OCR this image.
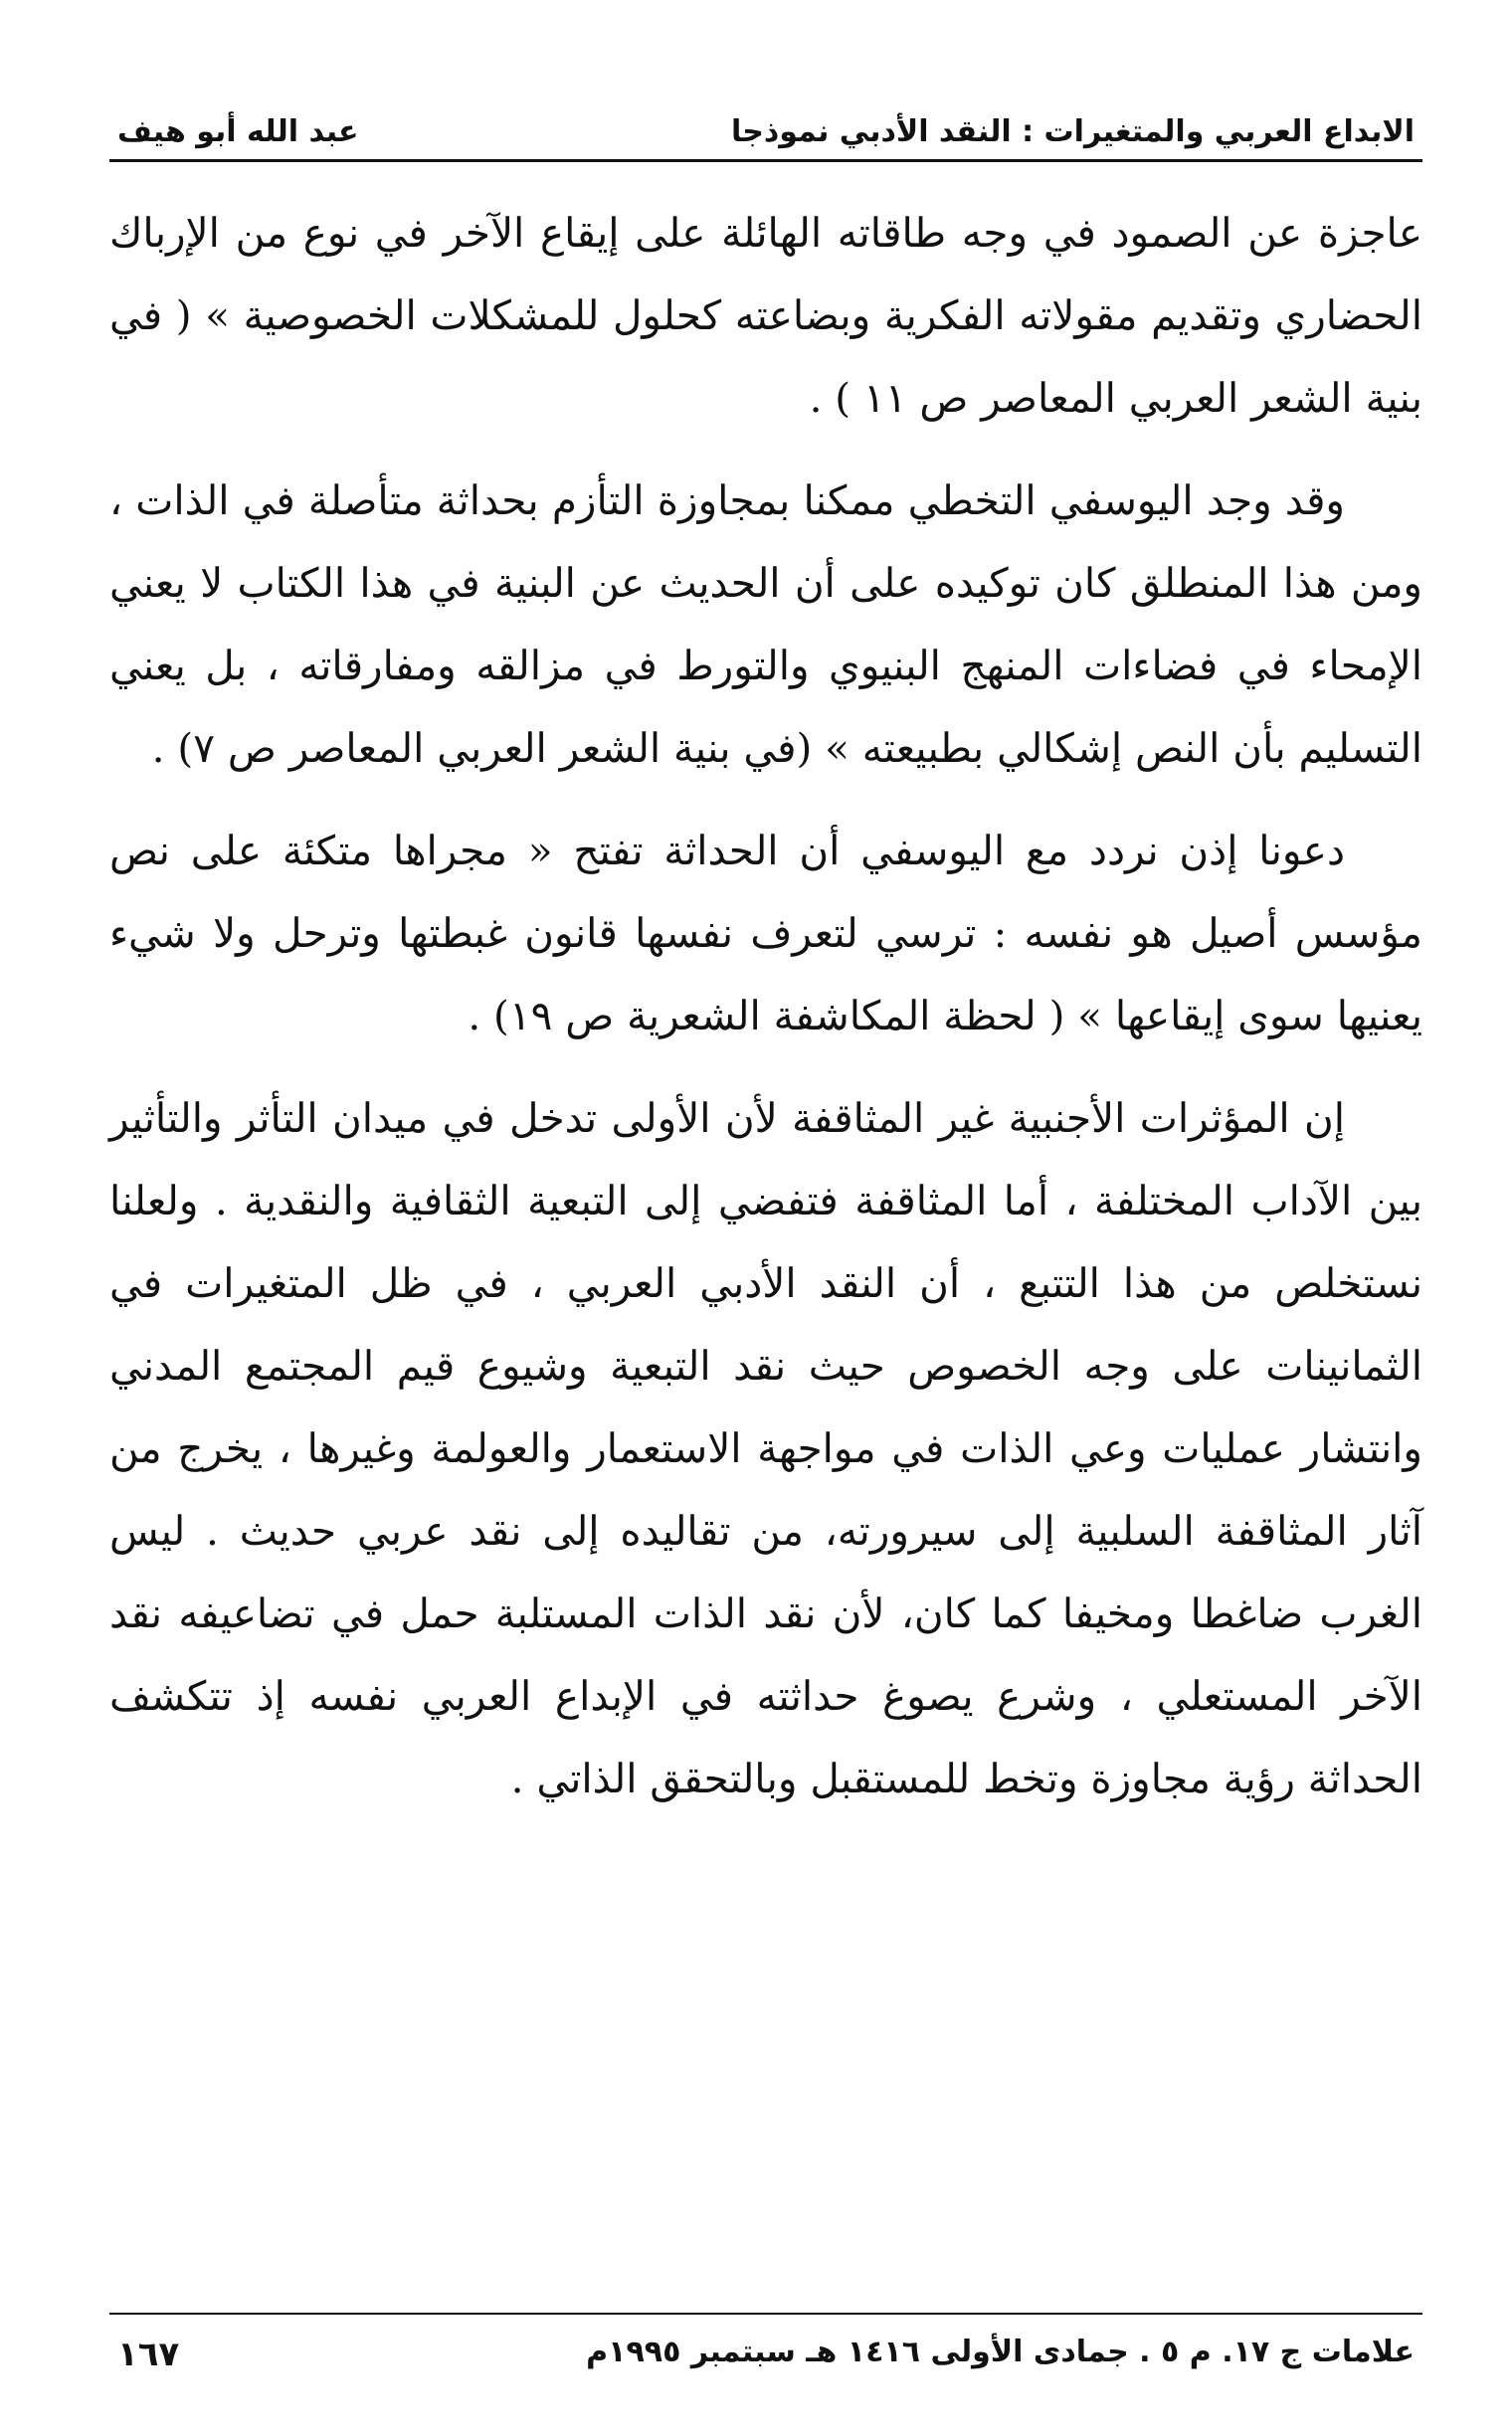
الابداع العربي والمتغيرات : النقد الأدبي نموذجا
عبد الله أبو هيف

عاجزة عن الصمود في وجه طاقاته الهائلة على إيقاع الآخر في نوع من الإرباك الحضاري وتقديم مقولاته الفكرية وبضاعته كحلول للمشكلات الخصوصية » ( في بنية الشعر العربي المعاصر ص ١١ ) .

وقد وجد اليوسفي التخطي ممكنا بمجاوزة التأزم بحداثة متأصلة في الذات ، ومن هذا المنطلق كان توكيده على أن الحديث عن البنية في هذا الكتاب لا يعني الإمحاء في فضاءات المنهج البنيوي والتورط في مزالقه ومفارقاته ، بل يعني التسليم بأن النص إشكالي بطبيعته » (في بنية الشعر العربي المعاصر ص ٧) .

دعونا إذن نردد مع اليوسفي أن الحداثة تفتح « مجراها متكئة على نص مؤسس أصيل هو نفسه : ترسي لتعرف نفسها قانون غبطتها وترحل ولا شيء يعنيها سوى إيقاعها » ( لحظة المكاشفة الشعرية ص ١٩) .

إن المؤثرات الأجنبية غير المثاقفة لأن الأولى تدخل في ميدان التأثر والتأثير بين الآداب المختلفة ، أما المثاقفة فتفضي إلى التبعية الثقافية والنقدية . ولعلنا نستخلص من هذا التتبع ، أن النقد الأدبي العربي ، في ظل المتغيرات في الثمانينات على وجه الخصوص حيث نقد التبعية وشيوع قيم المجتمع المدني وانتشار عمليات وعي الذات في مواجهة الاستعمار والعولمة وغيرها ، يخرج من آثار المثاقفة السلبية إلى سيرورته، من تقاليده إلى نقد عربي حديث . ليس الغرب ضاغطا ومخيفا كما كان، لأن نقد الذات المستلبة حمل في تضاعيفه نقد الآخر المستعلي ، وشرع يصوغ حداثته في الإبداع العربي نفسه إذ تتكشف الحداثة رؤية مجاوزة وتخط للمستقبل وبالتحقق الذاتي .

علامات ج ١٧. م ٥ . جمادى الأولى ١٤١٦ هـ سبتمبر ١٩٩٥م
١٦٧
